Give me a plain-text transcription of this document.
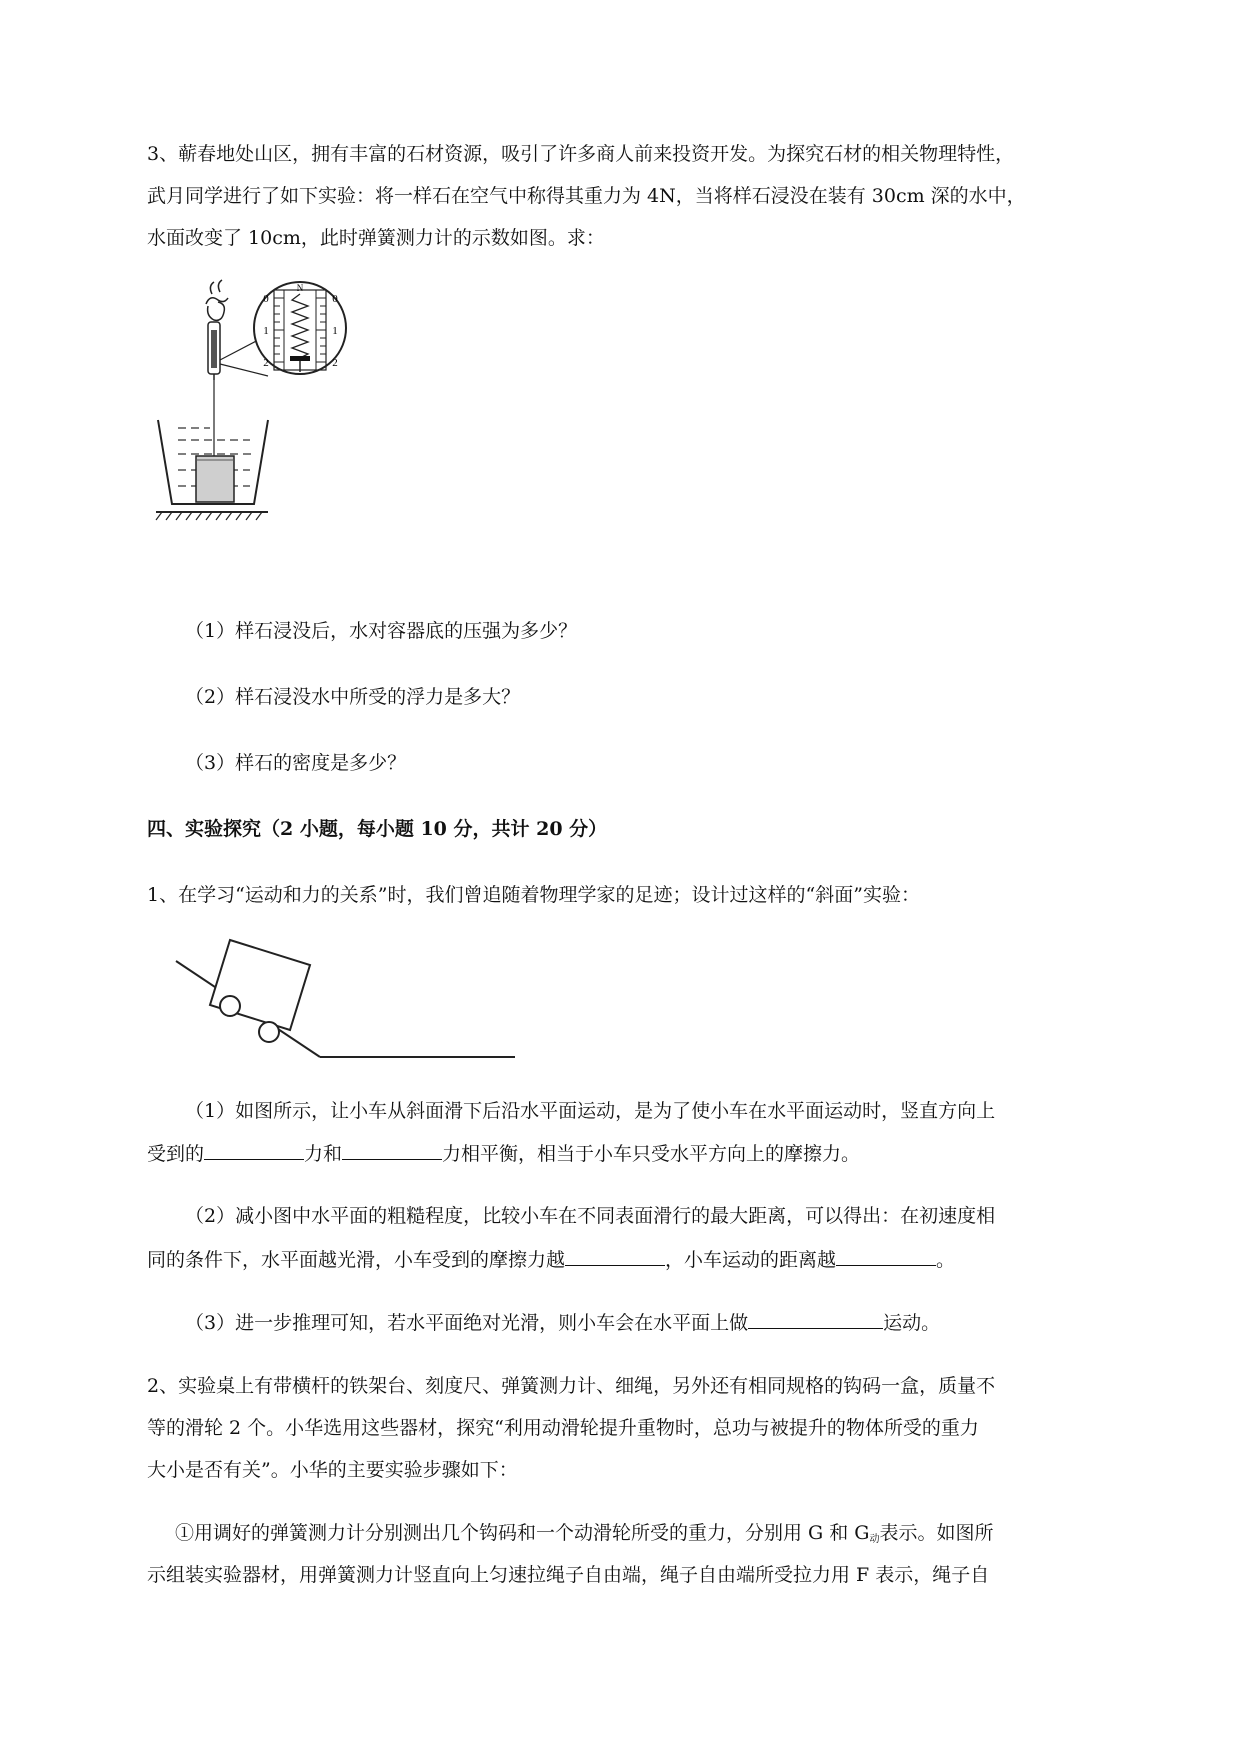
3、蕲春地处山区，拥有丰富的石材资源，吸引了许多商人前来投资开发。为探究石材的相关物理特性，
武月同学进行了如下实验：将一样石在空气中称得其重力为 4N，当将样石浸没在装有 30cm 深的水中，
水面改变了 10cm，此时弹簧测力计的示数如图。求：
N
0
1
2
0
1
2
（1）样石浸没后，水对容器底的压强为多少？
（2）样石浸没水中所受的浮力是多大？
（3）样石的密度是多少？
四、实验探究（2 小题，每小题 10 分，共计 20 分）
1、在学习“运动和力的关系”时，我们曾追随着物理学家的足迹；设计过这样的“斜面”实验：
（1）如图所示，让小车从斜面滑下后沿水平面运动，是为了使小车在水平面运动时，竖直方向上
受到的	力和	力相平衡，相当于小车只受水平方向上的摩擦力。
（2）减小图中水平面的粗糙程度，比较小车在不同表面滑行的最大距离，可以得出：在初速度相
同的条件下，水平面越光滑，小车受到的摩擦力越	，小车运动的距离越	。
（3）进一步推理可知，若水平面绝对光滑，则小车会在水平面上做	运动。
2、实验桌上有带横杆的铁架台、刻度尺、弹簧测力计、细绳，另外还有相同规格的钩码一盒，质量不
等的滑轮 2 个。小华选用这些器材，探究“利用动滑轮提升重物时，总功与被提升的物体所受的重力
大小是否有关”。小华的主要实验步骤如下：
①用调好的弹簧测力计分别测出几个钩码和一个动滑轮所受的重力，分别用 G 和 $G_动$表示。如图所
示组装实验器材，用弹簧测力计竖直向上匀速拉绳子自由端，绳子自由端所受拉力用 F 表示，绳子自
